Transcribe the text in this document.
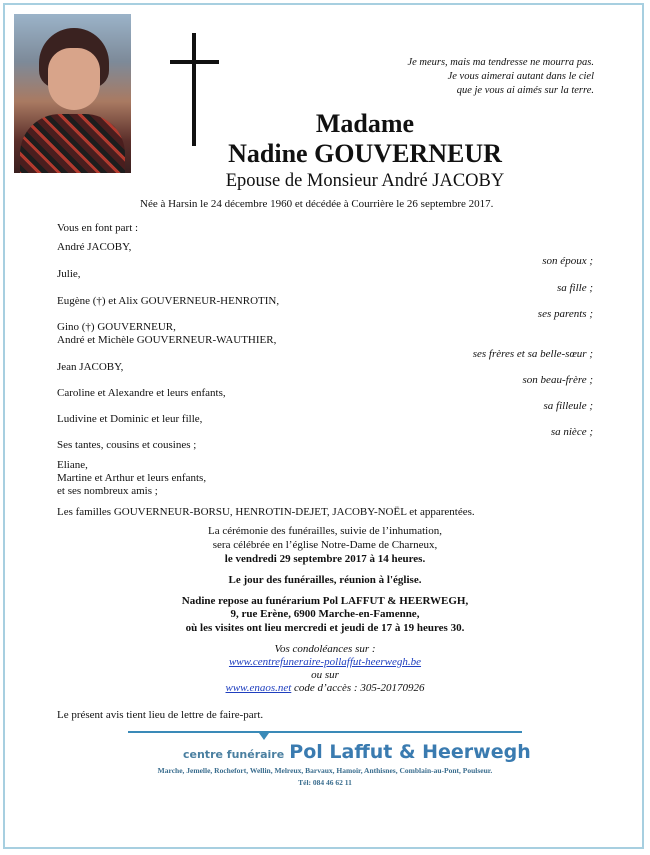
Je meurs, mais ma tendresse ne mourra pas.
Je vous aimerai autant dans le ciel
que je vous ai aimés sur la terre.
Madame
Nadine GOUVERNEUR
Epouse de Monsieur André JACOBY
Née à Harsin le 24 décembre 1960 et décédée à Courrière le 26 septembre 2017.
Vous en font part :
André JACOBY,
son époux ;
Julie,
sa fille ;
Eugène (†) et Alix GOUVERNEUR-HENROTIN,
ses parents ;
Gino (†) GOUVERNEUR,
André et Michèle GOUVERNEUR-WAUTHIER,
ses frères et sa belle-sœur ;
Jean JACOBY,
son beau-frère ;
Caroline et Alexandre et leurs enfants,
sa filleule ;
Ludivine et Dominic et leur fille,
sa nièce ;
Ses tantes, cousins et cousines ;
Eliane,
Martine et Arthur et leurs enfants,
et ses nombreux amis ;
Les familles GOUVERNEUR-BORSU, HENROTIN-DEJET, JACOBY-NOËL et apparentées.
La cérémonie des funérailles, suivie de l’inhumation,
sera célébrée en l’église Notre-Dame de Charneux,
le vendredi 29 septembre 2017 à 14 heures.
Le jour des funérailles, réunion à l'église.
Nadine repose au funérarium Pol LAFFUT & HEERWEGH,
9, rue Erène, 6900 Marche-en-Famenne,
où les visites ont lieu mercredi et jeudi de 17 à 19 heures 30.
Vos condoléances sur :
www.centrefuneraire-pollaffut-heerwegh.be
ou sur
www.enaos.net code d’accès : 305-20170926
Le présent avis tient lieu de lettre de faire-part.
centre funéraire Pol Laffut & Heerwegh
Marche, Jemelle, Rochefort, Wellin, Melreux, Barvaux, Hamoir, Anthisnes, Comblain-au-Pont, Poulseur.
Tél: 084 46 62 11
